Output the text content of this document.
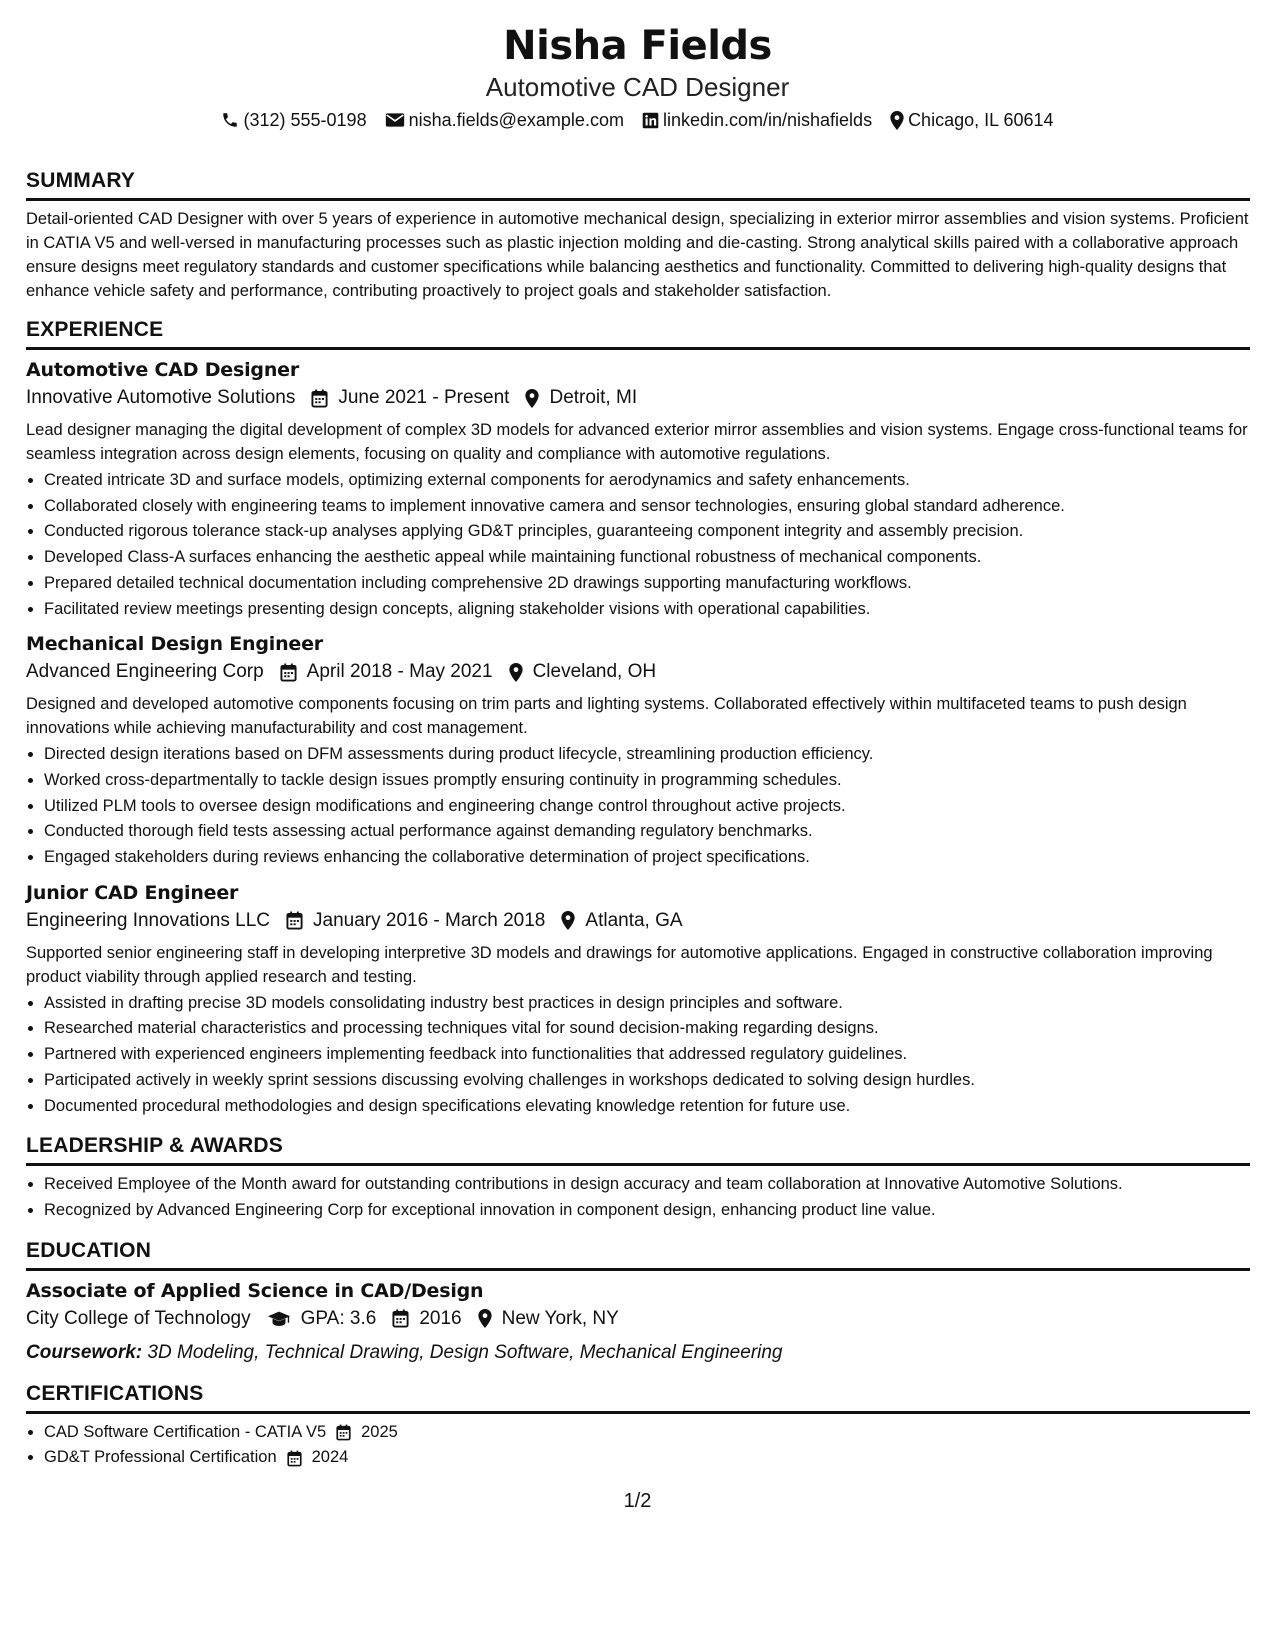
Nisha Fields
Automotive CAD Designer
(312) 555-0198 nisha.fields@example.com linkedin.com/in/nishafields Chicago, IL 60614
SUMMARY

Detail-oriented CAD Designer with over 5 years of experience in automotive mechanical design, specializing in exterior mirror assemblies and vision systems. Proficient in CATIA V5 and well-versed in manufacturing processes such as plastic injection molding and die-casting. Strong analytical skills paired with a collaborative approach ensure designs meet regulatory standards and customer specifications while balancing aesthetics and functionality. Committed to delivering high-quality designs that enhance vehicle safety and performance, contributing proactively to project goals and stakeholder satisfaction.

EXPERIENCE
Automotive CAD Designer
Innovative Automotive Solutions June 2021 - Present Detroit, MI

Lead designer managing the digital development of complex 3D models for advanced exterior mirror assemblies and vision systems. Engage cross-functional teams for seamless integration across design elements, focusing on quality and compliance with automotive regulations.

• Created intricate 3D and surface models, optimizing external components for aerodynamics and safety enhancements.
• Collaborated closely with engineering teams to implement innovative camera and sensor technologies, ensuring global standard adherence.
• Conducted rigorous tolerance stack-up analyses applying GD&T principles, guaranteeing component integrity and assembly precision.
• Developed Class-A surfaces enhancing the aesthetic appeal while maintaining functional robustness of mechanical components.
• Prepared detailed technical documentation including comprehensive 2D drawings supporting manufacturing workflows.
• Facilitated review meetings presenting design concepts, aligning stakeholder visions with operational capabilities.
Mechanical Design Engineer
Advanced Engineering Corp April 2018 - May 2021 Cleveland, OH

Designed and developed automotive components focusing on trim parts and lighting systems. Collaborated effectively within multifaceted teams to push design innovations while achieving manufacturability and cost management.

• Directed design iterations based on DFM assessments during product lifecycle, streamlining production efficiency.
• Worked cross-departmentally to tackle design issues promptly ensuring continuity in programming schedules.
• Utilized PLM tools to oversee design modifications and engineering change control throughout active projects.
• Conducted thorough field tests assessing actual performance against demanding regulatory benchmarks.
• Engaged stakeholders during reviews enhancing the collaborative determination of project specifications.
Junior CAD Engineer
Engineering Innovations LLC January 2016 - March 2018 Atlanta, GA

Supported senior engineering staff in developing interpretive 3D models and drawings for automotive applications. Engaged in constructive collaboration improving product viability through applied research and testing.

• Assisted in drafting precise 3D models consolidating industry best practices in design principles and software.
• Researched material characteristics and processing techniques vital for sound decision-making regarding designs.
• Partnered with experienced engineers implementing feedback into functionalities that addressed regulatory guidelines.
• Participated actively in weekly sprint sessions discussing evolving challenges in workshops dedicated to solving design hurdles.
• Documented procedural methodologies and design specifications elevating knowledge retention for future use.
LEADERSHIP & AWARDS
• Received Employee of the Month award for outstanding contributions in design accuracy and team collaboration at Innovative Automotive Solutions.
• Recognized by Advanced Engineering Corp for exceptional innovation in component design, enhancing product line value.
EDUCATION
Associate of Applied Science in CAD/Design
City College of Technology	GPA: 3.6 2016 New York, NY
Coursework: 3D Modeling, Technical Drawing, Design Software, Mechanical Engineering
CERTIFICATIONS
• CAD Software Certification - CATIA V5 2025
• GD&T Professional Certification 2024
1/2
